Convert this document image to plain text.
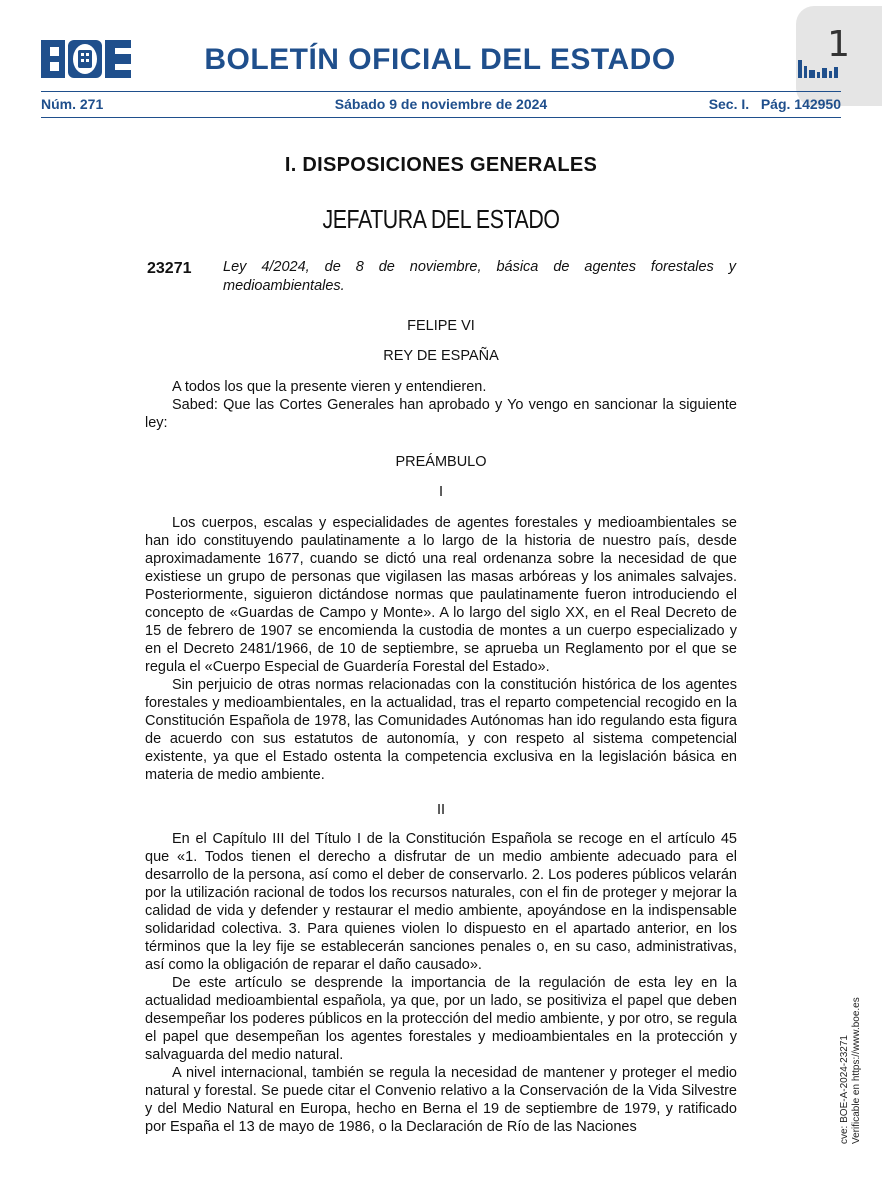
1
BOLETÍN OFICIAL DEL ESTADO
Núm. 271	Sábado 9 de noviembre de 2024	Sec. I.   Pág. 142950
I. DISPOSICIONES GENERALES
JEFATURA DEL ESTADO
23271 Ley 4/2024, de 8 de noviembre, básica de agentes forestales y medioambientales.
FELIPE VI
REY DE ESPAÑA

A todos los que la presente vieren y entendieren.

Sabed: Que las Cortes Generales han aprobado y Yo vengo en sancionar la siguiente ley:

PREÁMBULO
I

Los cuerpos, escalas y especialidades de agentes forestales y medioambientales se han ido constituyendo paulatinamente a lo largo de la historia de nuestro país, desde aproximadamente 1677, cuando se dictó una real ordenanza sobre la necesidad de que existiese un grupo de personas que vigilasen las masas arbóreas y los animales salvajes. Posteriormente, siguieron dictándose normas que paulatinamente fueron introduciendo el concepto de «Guardas de Campo y Monte». A lo largo del siglo XX, en el Real Decreto de 15 de febrero de 1907 se encomienda la custodia de montes a un cuerpo especializado y en el Decreto 2481/1966, de 10 de septiembre, se aprueba un Reglamento por el que se regula el «Cuerpo Especial de Guardería Forestal del Estado».

Sin perjuicio de otras normas relacionadas con la constitución histórica de los agentes forestales y medioambientales, en la actualidad, tras el reparto competencial recogido en la Constitución Española de 1978, las Comunidades Autónomas han ido regulando esta figura de acuerdo con sus estatutos de autonomía, y con respeto al sistema competencial existente, ya que el Estado ostenta la competencia exclusiva en la legislación básica en materia de medio ambiente.

II

En el Capítulo III del Título I de la Constitución Española se recoge en el artículo 45 que «1. Todos tienen el derecho a disfrutar de un medio ambiente adecuado para el desarrollo de la persona, así como el deber de conservarlo. 2. Los poderes públicos velarán por la utilización racional de todos los recursos naturales, con el fin de proteger y mejorar la calidad de vida y defender y restaurar el medio ambiente, apoyándose en la indispensable solidaridad colectiva. 3. Para quienes violen lo dispuesto en el apartado anterior, en los términos que la ley fije se establecerán sanciones penales o, en su caso, administrativas, así como la obligación de reparar el daño causado».

De este artículo se desprende la importancia de la regulación de esta ley en la actualidad medioambiental española, ya que, por un lado, se positiviza el papel que deben desempeñar los poderes públicos en la protección del medio ambiente, y por otro, se regula el papel que desempeñan los agentes forestales y medioambientales en la protección y salvaguarda del medio natural.

A nivel internacional, también se regula la necesidad de mantener y proteger el medio natural y forestal. Se puede citar el Convenio relativo a la Conservación de la Vida Silvestre y del Medio Natural en Europa, hecho en Berna el 19 de septiembre de 1979, y ratificado por España el 13 de mayo de 1986, o la Declaración de Río de las Naciones	cve: BOE-A-2024-23271 Verificable en https://www.boe.es
